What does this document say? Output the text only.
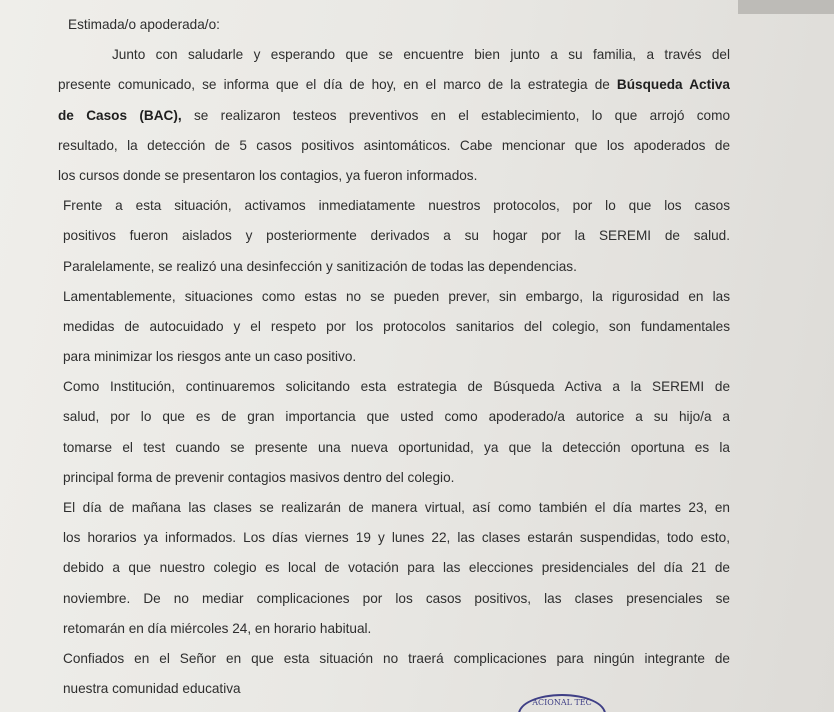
Estimada/o apoderada/o:
Junto con saludarle y esperando que se encuentre bien junto a su familia, a través del
presente comunicado, se informa que el día de hoy, en el marco de la estrategia de Búsqueda Activa
de Casos (BAC), se realizaron testeos preventivos en el establecimiento, lo que arrojó como
resultado, la detección de 5 casos positivos asintomáticos. Cabe mencionar que los apoderados de
los cursos donde se presentaron los contagios, ya fueron informados.
Frente a esta situación, activamos inmediatamente nuestros protocolos, por lo que los casos
positivos fueron aislados y posteriormente derivados a su hogar por la SEREMI de salud.
Paralelamente, se realizó una desinfección y sanitización de todas las dependencias.
Lamentablemente, situaciones como estas no se pueden prever, sin embargo, la rigurosidad en las
medidas de autocuidado y el respeto por los protocolos sanitarios del colegio, son fundamentales
para minimizar los riesgos ante un caso positivo.
Como Institución, continuaremos solicitando esta estrategia de Búsqueda Activa a la SEREMI de
salud, por lo que es de gran importancia que usted como apoderado/a autorice a su hijo/a a
tomarse el test cuando se presente una nueva oportunidad, ya que la detección oportuna es la
principal forma de prevenir contagios masivos dentro del colegio.
El día de mañana las clases se realizarán de manera virtual, así como también el día martes 23, en
los horarios ya informados. Los días viernes 19 y lunes 22, las clases estarán suspendidas, todo esto,
debido a que nuestro colegio es local de votación para las elecciones presidenciales del día 21 de
noviembre. De no mediar complicaciones por los casos positivos, las clases presenciales se
retomarán en día miércoles 24, en horario habitual.
Confiados en el Señor en que esta situación no traerá complicaciones para ningún integrante de
nuestra comunidad educativa
ACIONAL TEC
